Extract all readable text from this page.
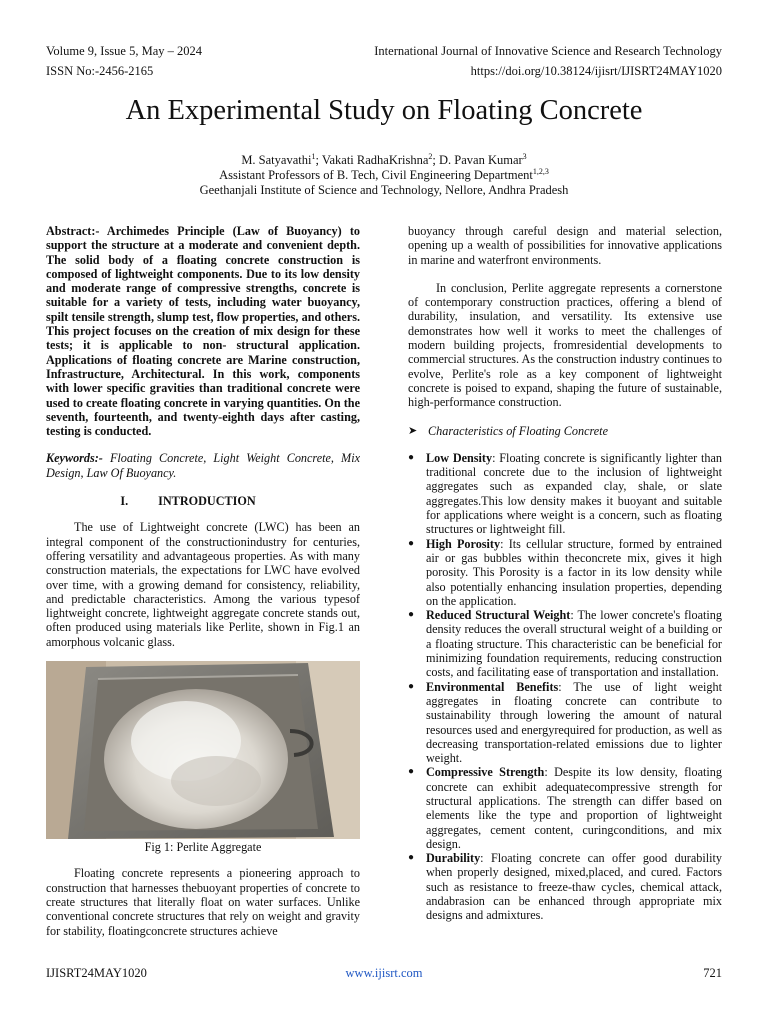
Volume 9, Issue 5, May – 2024	International Journal of Innovative Science and Research Technology
ISSN No:-2456-2165	https://doi.org/10.38124/ijisrt/IJISRT24MAY1020
An Experimental Study on Floating Concrete
M. Satyavathi$^1$; Vakati RadhaKrishna$^2$; D. Pavan Kumar$^3$
Assistant Professors of B. Tech, Civil Engineering Department$^{1,2,3}$
Geethanjali Institute of Science and Technology, Nellore, Andhra Pradesh

Abstract:- Archimedes Principle (Law of Buoyancy) to support the structure at a moderate and convenient depth. The solid body of a floating concrete construction is composed of lightweight components. Due to its low density and moderate range of compressive strengths, concrete is suitable for a variety of tests, including water buoyancy, spilt tensile strength, slump test, flow properties, and others. This project focuses on the creation of mix design for these tests; it is applicable to non- structural application. Applications of floating concrete are Marine construction, Infrastructure, Architectural. In this work, components with lower specific gravities than traditional concrete were used to create floating concrete in varying quantities. On the seventh, fourteenth, and twenty-eighth days after casting, testing is conducted.

Keywords:- Floating Concrete, Light Weight Concrete, Mix Design, Law Of Buoyancy.

I. INTRODUCTION

The use of Lightweight concrete (LWC) has been an integral component of the constructionindustry for centuries, offering versatility and advantageous properties. As with many construction materials, the expectations for LWC have evolved over time, with a growing demand for consistency, reliability, and predictable characteristics. Among the various typesof lightweight concrete, lightweight aggregate concrete stands out, often produced using materials like Perlite, shown in Fig.1 an amorphous volcanic glass.

Fig 1: Perlite Aggregate

Floating concrete represents a pioneering approach to construction that harnesses thebuoyant properties of concrete to create structures that literally float on water surfaces. Unlike conventional concrete structures that rely on weight and gravity for stability, floatingconcrete structures achieve

buoyancy through careful design and material selection, opening up a wealth of possibilities for innovative applications in marine and waterfront environments.

In conclusion, Perlite aggregate represents a cornerstone of contemporary construction practices, offering a blend of durability, insulation, and versatility. Its extensive use demonstrates how well it works to meet the challenges of modern building projects, fromresidential developments to commercial structures. As the construction industry continues to evolve, Perlite's role as a key component of lightweight concrete is poised to expand, shaping the future of sustainable, high-performance construction.

➤ Characteristics of Floating Concrete
● Low Density: Floating concrete is significantly lighter than traditional concrete due to the inclusion of lightweight aggregates such as expanded clay, shale, or slate aggregates.This low density makes it buoyant and suitable for applications where weight is a concern, such as floating structures or lightweight fill.
● High Porosity: Its cellular structure, formed by entrained air or gas bubbles within theconcrete mix, gives it high porosity. This Porosity is a factor in its low density while also potentially enhancing insulation properties, depending on the application.
● Reduced Structural Weight: The lower concrete's floating density reduces the overall structural weight of a building or a floating structure. This characteristic can be beneficial for minimizing foundation requirements, reducing construction costs, and facilitating ease of transportation and installation.
● Environmental Benefits: The use of light weight aggregates in floating concrete can contribute to sustainability through lowering the amount of natural resources used and energyrequired for production, as well as decreasing transportation-related emissions due to lighter weight.
● Compressive Strength: Despite its low density, floating concrete can exhibit adequatecompressive strength for structural applications. The strength can differ based on elements like the type and proportion of lightweight aggregates, cement content, curingconditions, and mix design.
● Durability: Floating concrete can offer good durability when properly designed, mixed,placed, and cured. Factors such as resistance to freeze-thaw cycles, chemical attack, andabrasion can be enhanced through appropriate mix designs and admixtures.
IJISRT24MAY1020	www.ijisrt.com	721
